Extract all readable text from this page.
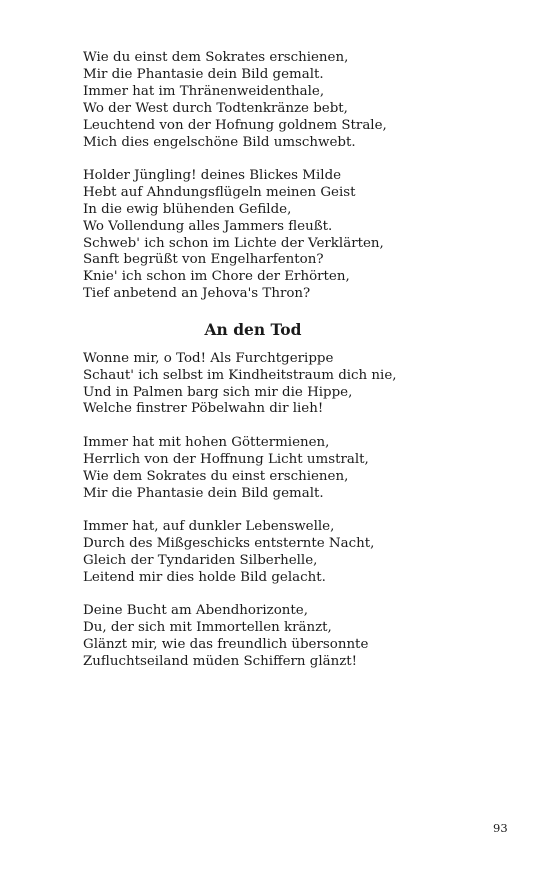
Wie du einst dem Sokrates erschienen,
Mir die Phantasie dein Bild gemalt.
Immer hat im Thränenweidenthale,
Wo der West durch Todtenkränze bebt,
Leuchtend von der Hofnung goldnem Strale,
Mich dies engelschöne Bild umschwebt.
Holder Jüngling! deines Blickes Milde
Hebt auf Ahndungsflügeln meinen Geist
In die ewig blühenden Gefilde,
Wo Vollendung alles Jammers fleußt.
Schweb' ich schon im Lichte der Verklärten,
Sanft begrüßt von Engelharfenton?
Knie' ich schon im Chore der Erhörten,
Tief anbetend an Jehova's Thron?
An den Tod
Wonne mir, o Tod! Als Furchtgerippe
Schaut' ich selbst im Kindheitstraum dich nie,
Und in Palmen barg sich mir die Hippe,
Welche finstrer Pöbelwahn dir lieh!
Immer hat mit hohen Göttermienen,
Herrlich von der Hoffnung Licht umstralt,
Wie dem Sokrates du einst erschienen,
Mir die Phantasie dein Bild gemalt.
Immer hat, auf dunkler Lebenswelle,
Durch des Mißgeschicks entsternte Nacht,
Gleich der Tyndariden Silberhelle,
Leitend mir dies holde Bild gelacht.
Deine Bucht am Abendhorizonte,
Du, der sich mit Immortellen kränzt,
Glänzt mir, wie das freundlich übersonnte
Zufluchtseiland müden Schiffern glänzt!
93
